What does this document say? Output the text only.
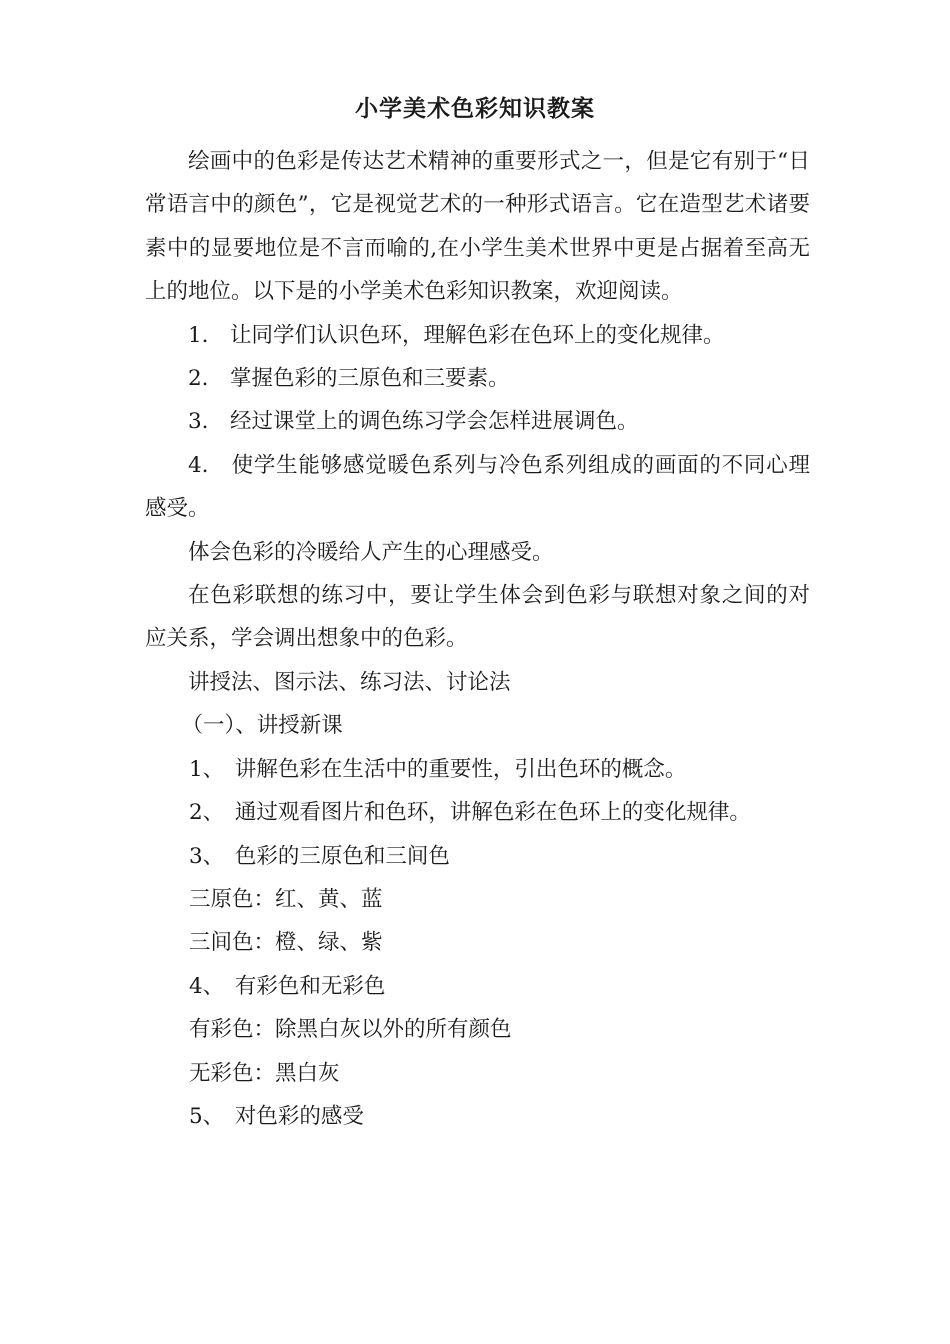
小学美术色彩知识教案

绘画中的色彩是传达艺术精神的重要形式之一，但是它有别于“日常语言中的颜色”，它是视觉艺术的一种形式语言。它在造型艺术诸要素中的显要地位是不言而喻的,在小学生美术世界中更是占据着至高无上的地位。以下是的小学美术色彩知识教案，欢迎阅读。

1.　让同学们认识色环，理解色彩在色环上的变化规律。

2.　掌握色彩的三原色和三要素。

3.　经过课堂上的调色练习学会怎样进展调色。

4.　使学生能够感觉暖色系列与冷色系列组成的画面的不同心理感受。

体会色彩的冷暖给人产生的心理感受。

在色彩联想的练习中，要让学生体会到色彩与联想对象之间的对应关系，学会调出想象中的色彩。

讲授法、图示法、练习法、讨论法

（一）、讲授新课

1、　讲解色彩在生活中的重要性，引出色环的概念。

2、　通过观看图片和色环，讲解色彩在色环上的变化规律。

3、　色彩的三原色和三间色

三原色：红、黄、蓝

三间色：橙、绿、紫

4、　有彩色和无彩色

有彩色：除黑白灰以外的所有颜色

无彩色：黑白灰

5、　对色彩的感受
